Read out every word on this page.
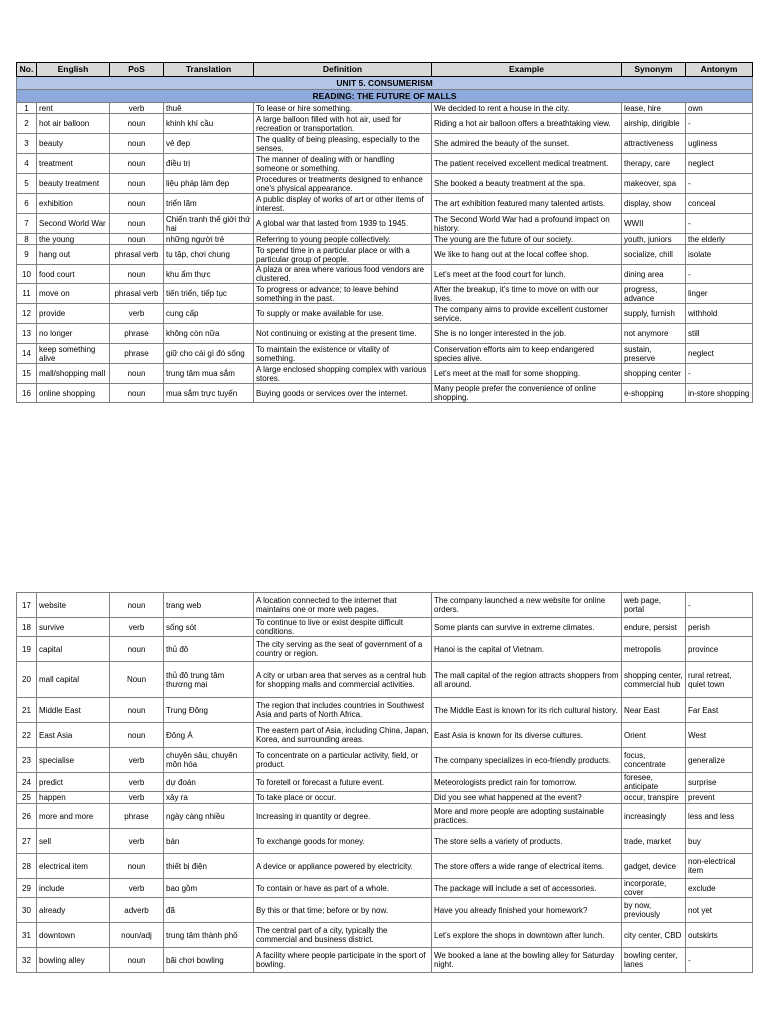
No.	English	PoS	Translation	Definition	Example	Synonym	Antonym
UNIT 5. CONSUMERISM							
READING: THE FUTURE OF MALLS							
1	rent	verb	thuê	To lease or hire something.	We decided to rent a house in the city.	lease, hire	own
2	hot air balloon	noun	khinh khí cầu	A large balloon filled with hot air, used for recreation or transportation.	Riding a hot air balloon offers a breathtaking view.	airship, dirigible	-
3	beauty	noun	vẻ đẹp	The quality of being pleasing, especially to the senses.	She admired the beauty of the sunset.	attractiveness	ugliness
4	treatment	noun	điều trị	The manner of dealing with or handling someone or something.	The patient received excellent medical treatment.	therapy, care	neglect
5	beauty treatment	noun	liệu pháp làm đẹp	Procedures or treatments designed to enhance one's physical appearance.	She booked a beauty treatment at the spa.	makeover, spa	-
6	exhibition	noun	triển lãm	A public display of works of art or other items of interest.	The art exhibition featured many talented artists.	display, show	conceal
7	Second World War	noun	Chiến tranh thế giới thứ hai	A global war that lasted from 1939 to 1945.	The Second World War had a profound impact on history.	WWII	-
8	the young	noun	những người trẻ	Referring to young people collectively.	The young are the future of our society.	youth, juniors	the elderly
9	hang out	phrasal verb	tụ tập, chơi chung	To spend time in a particular place or with a particular group of people.	We like to hang out at the local coffee shop.	socialize, chill	isolate
10	food court	noun	khu ẩm thực	A plaza or area where various food vendors are clustered.	Let's meet at the food court for lunch.	dining area	-
11	move on	phrasal verb	tiến triển, tiếp tục	To progress or advance; to leave behind something in the past.	After the breakup, it's time to move on with our lives.	progress, advance	linger
12	provide	verb	cung cấp	To supply or make available for use.	The company aims to provide excellent customer service.	supply, furnish	withhold
13	no longer	phrase	không còn nữa	Not continuing or existing at the present time.	She is no longer interested in the job.	not anymore	still
14	keep something alive	phrase	giữ cho cái gì đó sống	To maintain the existence or vitality of something.	Conservation efforts aim to keep endangered species alive.	sustain, preserve	neglect
15	mall/shopping mall	noun	trung tâm mua sắm	A large enclosed shopping complex with various stores.	Let's meet at the mall for some shopping.	shopping center	-
16	online shopping	noun	mua sắm trực tuyến	Buying goods or services over the internet.	Many people prefer the convenience of online shopping.	e-shopping	in-store shopping
17	website	noun	trang web	A location connected to the internet that maintains one or more web pages.	The company launched a new website for online orders.	web page, portal	-
18	survive	verb	sống sót	To continue to live or exist despite difficult conditions.	Some plants can survive in extreme climates.	endure, persist	perish
19	capital	noun	thủ đô	The city serving as the seat of government of a country or region.	Hanoi is the capital of Vietnam.	metropolis	province
20	mall capital	Noun	thủ đô trung tâm thương mại	A city or urban area that serves as a central hub for shopping malls and commercial activities.	The mall capital of the region attracts shoppers from all around.	shopping center, commercial hub	rural retreat, quiet town
21	Middle East	noun	Trung Đông	The region that includes countries in Southwest Asia and parts of North Africa.	The Middle East is known for its rich cultural history.	Near East	Far East
22	East Asia	noun	Đông Á	The eastern part of Asia, including China, Japan, Korea, and surrounding areas.	East Asia is known for its diverse cultures.	Orient	West
23	specialise	verb	chuyên sâu, chuyên môn hóa	To concentrate on a particular activity, field, or product.	The company specializes in eco-friendly products.	focus, concentrate	generalize
24	predict	verb	dự đoán	To foretell or forecast a future event.	Meteorologists predict rain for tomorrow.	foresee, anticipate	surprise
25	happen	verb	xảy ra	To take place or occur.	Did you see what happened at the event?	occur, transpire	prevent
26	more and more	phrase	ngày càng nhiều	Increasing in quantity or degree.	More and more people are adopting sustainable practices.	increasingly	less and less
27	sell	verb	bán	To exchange goods for money.	The store sells a variety of products.	trade, market	buy
28	electrical item	noun	thiết bị điện	A device or appliance powered by electricity.	The store offers a wide range of electrical items.	gadget, device	non-electrical item
29	include	verb	bao gồm	To contain or have as part of a whole.	The package will include a set of accessories.	incorporate, cover	exclude
30	already	adverb	đã	By this or that time; before or by now.	Have you already finished your homework?	by now, previously	not yet
31	downtown	noun/adj	trung tâm thành phố	The central part of a city, typically the commercial and business district.	Let's explore the shops in downtown after lunch.	city center, CBD	outskirts
32	bowling alley	noun	bãi chơi bowling	A facility where people participate in the sport of bowling.	We booked a lane at the bowling alley for Saturday night.	bowling center, lanes	-
